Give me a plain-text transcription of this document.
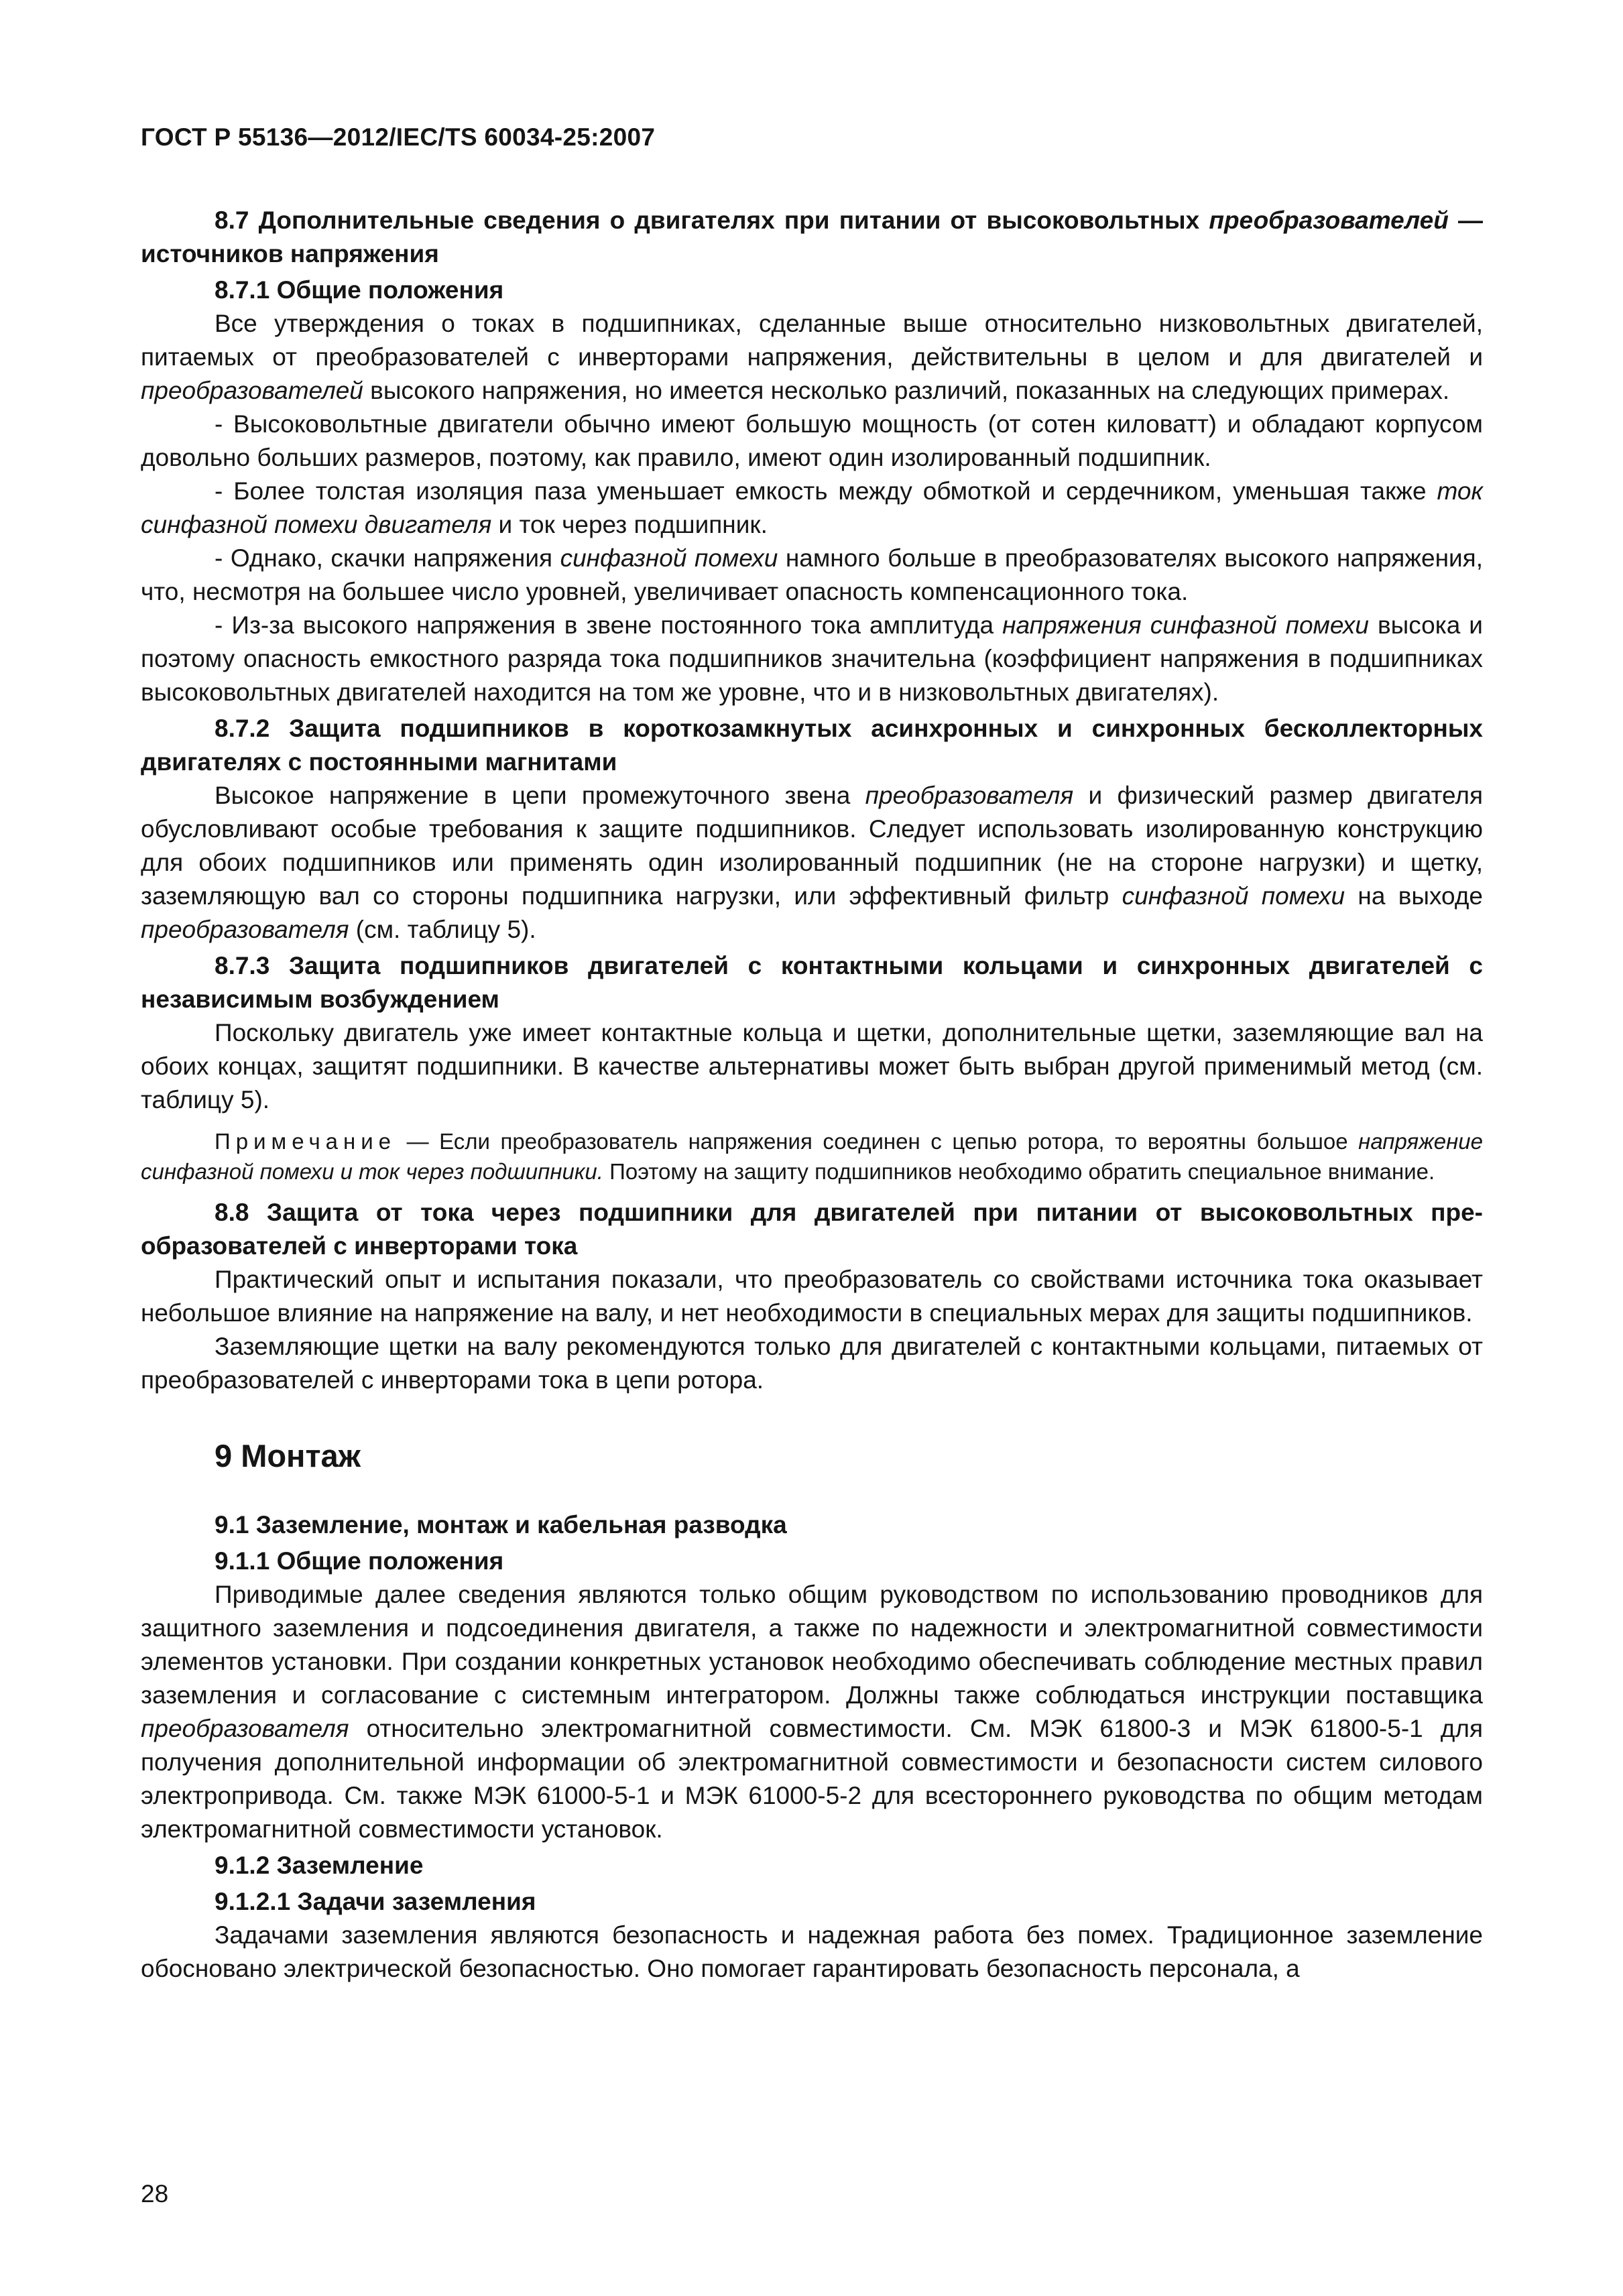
ГОСТ Р 55136—2012/IEC/TS 60034-25:2007

8.7 Дополнительные сведения о двигателях при питании от высоковольтных преобразователей — источников напряжения

8.7.1 Общие положения

Все утверждения о токах в подшипниках, сделанные выше относительно низковольтных двигателей, питаемых от преобразователей с инверторами напряжения, действительны в целом и для двигателей и преобразователей высокого напряжения, но имеется несколько различий, показанных на следующих примерах.

- Высоковольтные двигатели обычно имеют большую мощность (от сотен киловатт) и обладают корпусом довольно больших размеров, поэтому, как правило, имеют один изолированный подшипник.

- Более толстая изоляция паза уменьшает емкость между обмоткой и сердечником, уменьшая также ток синфазной помехи двигателя и ток через подшипник.

- Однако, скачки напряжения синфазной помехи намного больше в преобразователях высокого напряжения, что, несмотря на большее число уровней, увеличивает опасность компенсационного тока.

- Из-за высокого напряжения в звене постоянного тока амплитуда напряжения синфазной помехи высока и поэтому опасность емкостного разряда тока подшипников значительна (коэффициент напряжения в подшипниках высоковольтных двигателей находится на том же уровне, что и в низковольтных двигателях).

8.7.2 Защита подшипников в короткозамкнутых асинхронных и синхронных бесколлекторных двигателях с постоянными магнитами

Высокое напряжение в цепи промежуточного звена преобразователя и физический размер двигателя обусловливают особые требования к защите подшипников. Следует использовать изолированную конструкцию для обоих подшипников или применять один изолированный подшипник (не на стороне нагрузки) и щетку, заземляющую вал со стороны подшипника нагрузки, или эффективный фильтр синфазной помехи на выходе преобразователя (см. таблицу 5).

8.7.3 Защита подшипников двигателей с контактными кольцами и синхронных двигателей с независимым возбуждением

Поскольку двигатель уже имеет контактные кольца и щетки, дополнительные щетки, заземляющие вал на обоих концах, защитят подшипники. В качестве альтернативы может быть выбран другой применимый метод (см. таблицу 5).

Примечание — Если преобразователь напряжения соединен с цепью ротора, то вероятны большое напряжение синфазной помехи и ток через подшипники. Поэтому на защиту подшипников необходимо обратить специальное внимание.

8.8 Защита от тока через подшипники для двигателей при питании от высоковольтных преобразователей с инверторами тока

Практический опыт и испытания показали, что преобразователь со свойствами источника тока оказывает небольшое влияние на напряжение на валу, и нет необходимости в специальных мерах для защиты подшипников.

Заземляющие щетки на валу рекомендуются только для двигателей с контактными кольцами, питаемых от преобразователей с инверторами тока в цепи ротора.

9 Монтаж

9.1 Заземление, монтаж и кабельная разводка

9.1.1 Общие положения

Приводимые далее сведения являются только общим руководством по использованию проводников для защитного заземления и подсоединения двигателя, а также по надежности и электромагнитной совместимости элементов установки. При создании конкретных установок необходимо обеспечивать соблюдение местных правил заземления и согласование с системным интегратором. Должны также соблюдаться инструкции поставщика преобразователя относительно электромагнитной совместимости. См. МЭК 61800-3 и МЭК 61800-5-1 для получения дополнительной информации об электромагнитной совместимости и безопасности систем силового электропривода. См. также МЭК 61000-5-1 и МЭК 61000-5-2 для всестороннего руководства по общим методам электромагнитной совместимости установок.

9.1.2 Заземление

9.1.2.1 Задачи заземления

Задачами заземления являются безопасность и надежная работа без помех. Традиционное заземление обосновано электрической безопасностью. Оно помогает гарантировать безопасность персонала, а

28
